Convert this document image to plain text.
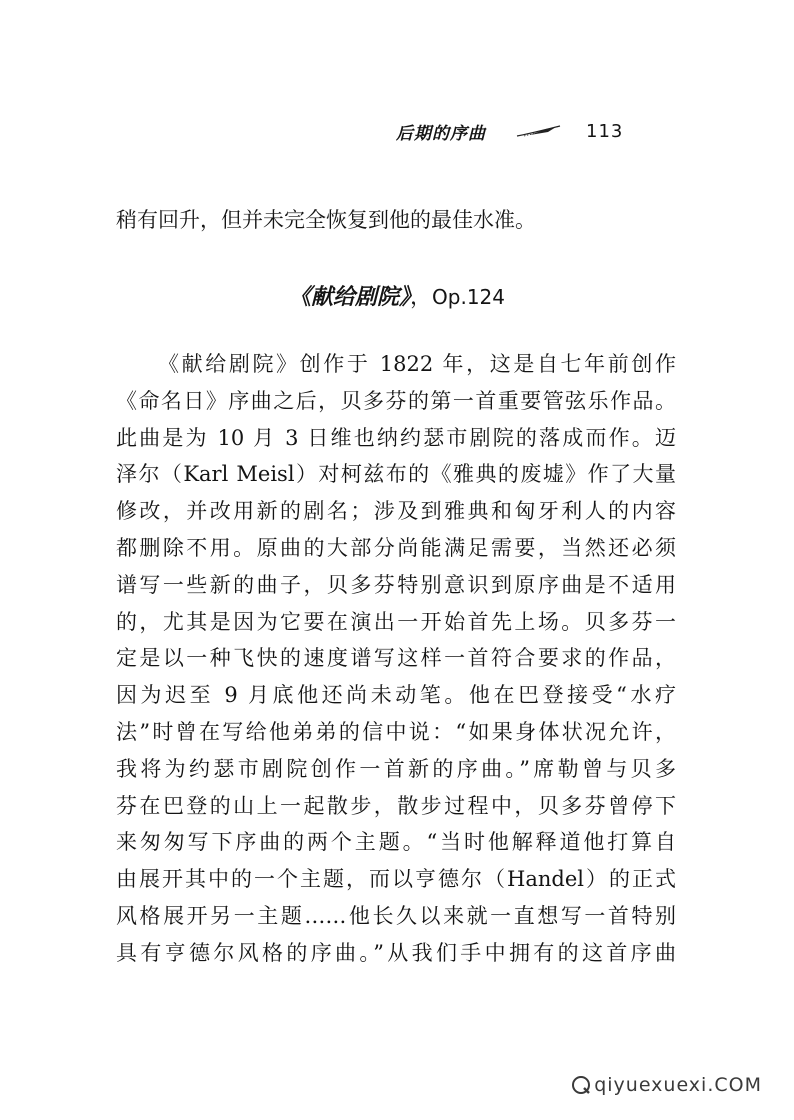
后期的序曲	113
稍有回升，但并未完全恢复到他的最佳水准。
《献给剧院》，Op.124
《献给剧院》创作于 1822 年，这是自七年前创作
《命名日》序曲之后，贝多芬的第一首重要管弦乐作品。
此曲是为 10 月 3 日维也纳约瑟市剧院的落成而作。迈
泽尔（Karl Meisl）对柯兹布的《雅典的废墟》作了大量
修改，并改用新的剧名；涉及到雅典和匈牙利人的内容
都删除不用。原曲的大部分尚能满足需要，当然还必须
谱写一些新的曲子，贝多芬特别意识到原序曲是不适用
的，尤其是因为它要在演出一开始首先上场。贝多芬一
定是以一种飞快的速度谱写这样一首符合要求的作品，
因为迟至 9 月底他还尚未动笔。他在巴登接受“水疗
法”时曾在写给他弟弟的信中说：“如果身体状况允许，
我将为约瑟市剧院创作一首新的序曲。”席勒曾与贝多
芬在巴登的山上一起散步，散步过程中，贝多芬曾停下
来匆匆写下序曲的两个主题。“当时他解释道他打算自
由展开其中的一个主题，而以亨德尔（Handel）的正式
风格展开另一主题……他长久以来就一直想写一首特别
具有亨德尔风格的序曲。”从我们手中拥有的这首序曲
qiyuexuexi.COM
